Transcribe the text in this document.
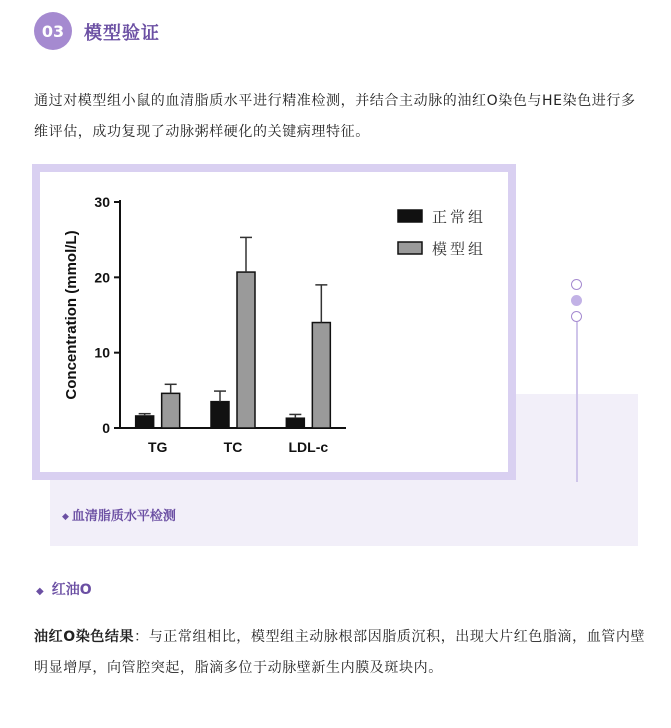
03	模型验证
通过对模型组小鼠的血清脂质水平进行精准检测，并结合主动脉的油红O染色与HE染色进行多维评估，成功复现了动脉粥样硬化的关键病理特征。
0
10
20
30
Concentration (mmol/L)
TG	TC	LDL-c
正常组
模型组
◆ 血清脂质水平检测
◆ 红油O
油红O染色结果：与正常组相比，模型组主动脉根部因脂质沉积，出现大片红色脂滴，血管内壁明显增厚，向管腔突起，脂滴多位于动脉壁新生内膜及斑块内。
